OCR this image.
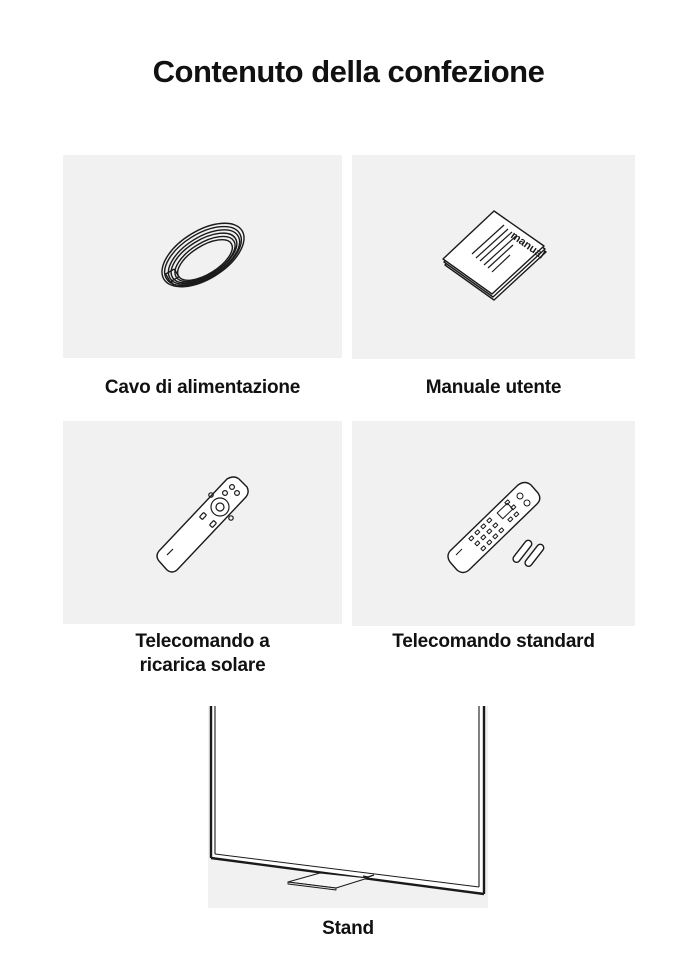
Contenuto della confezione
Cavo di alimentazione
manual
Manuale utente
Telecomando a
ricarica solare
Telecomando standard
Stand
